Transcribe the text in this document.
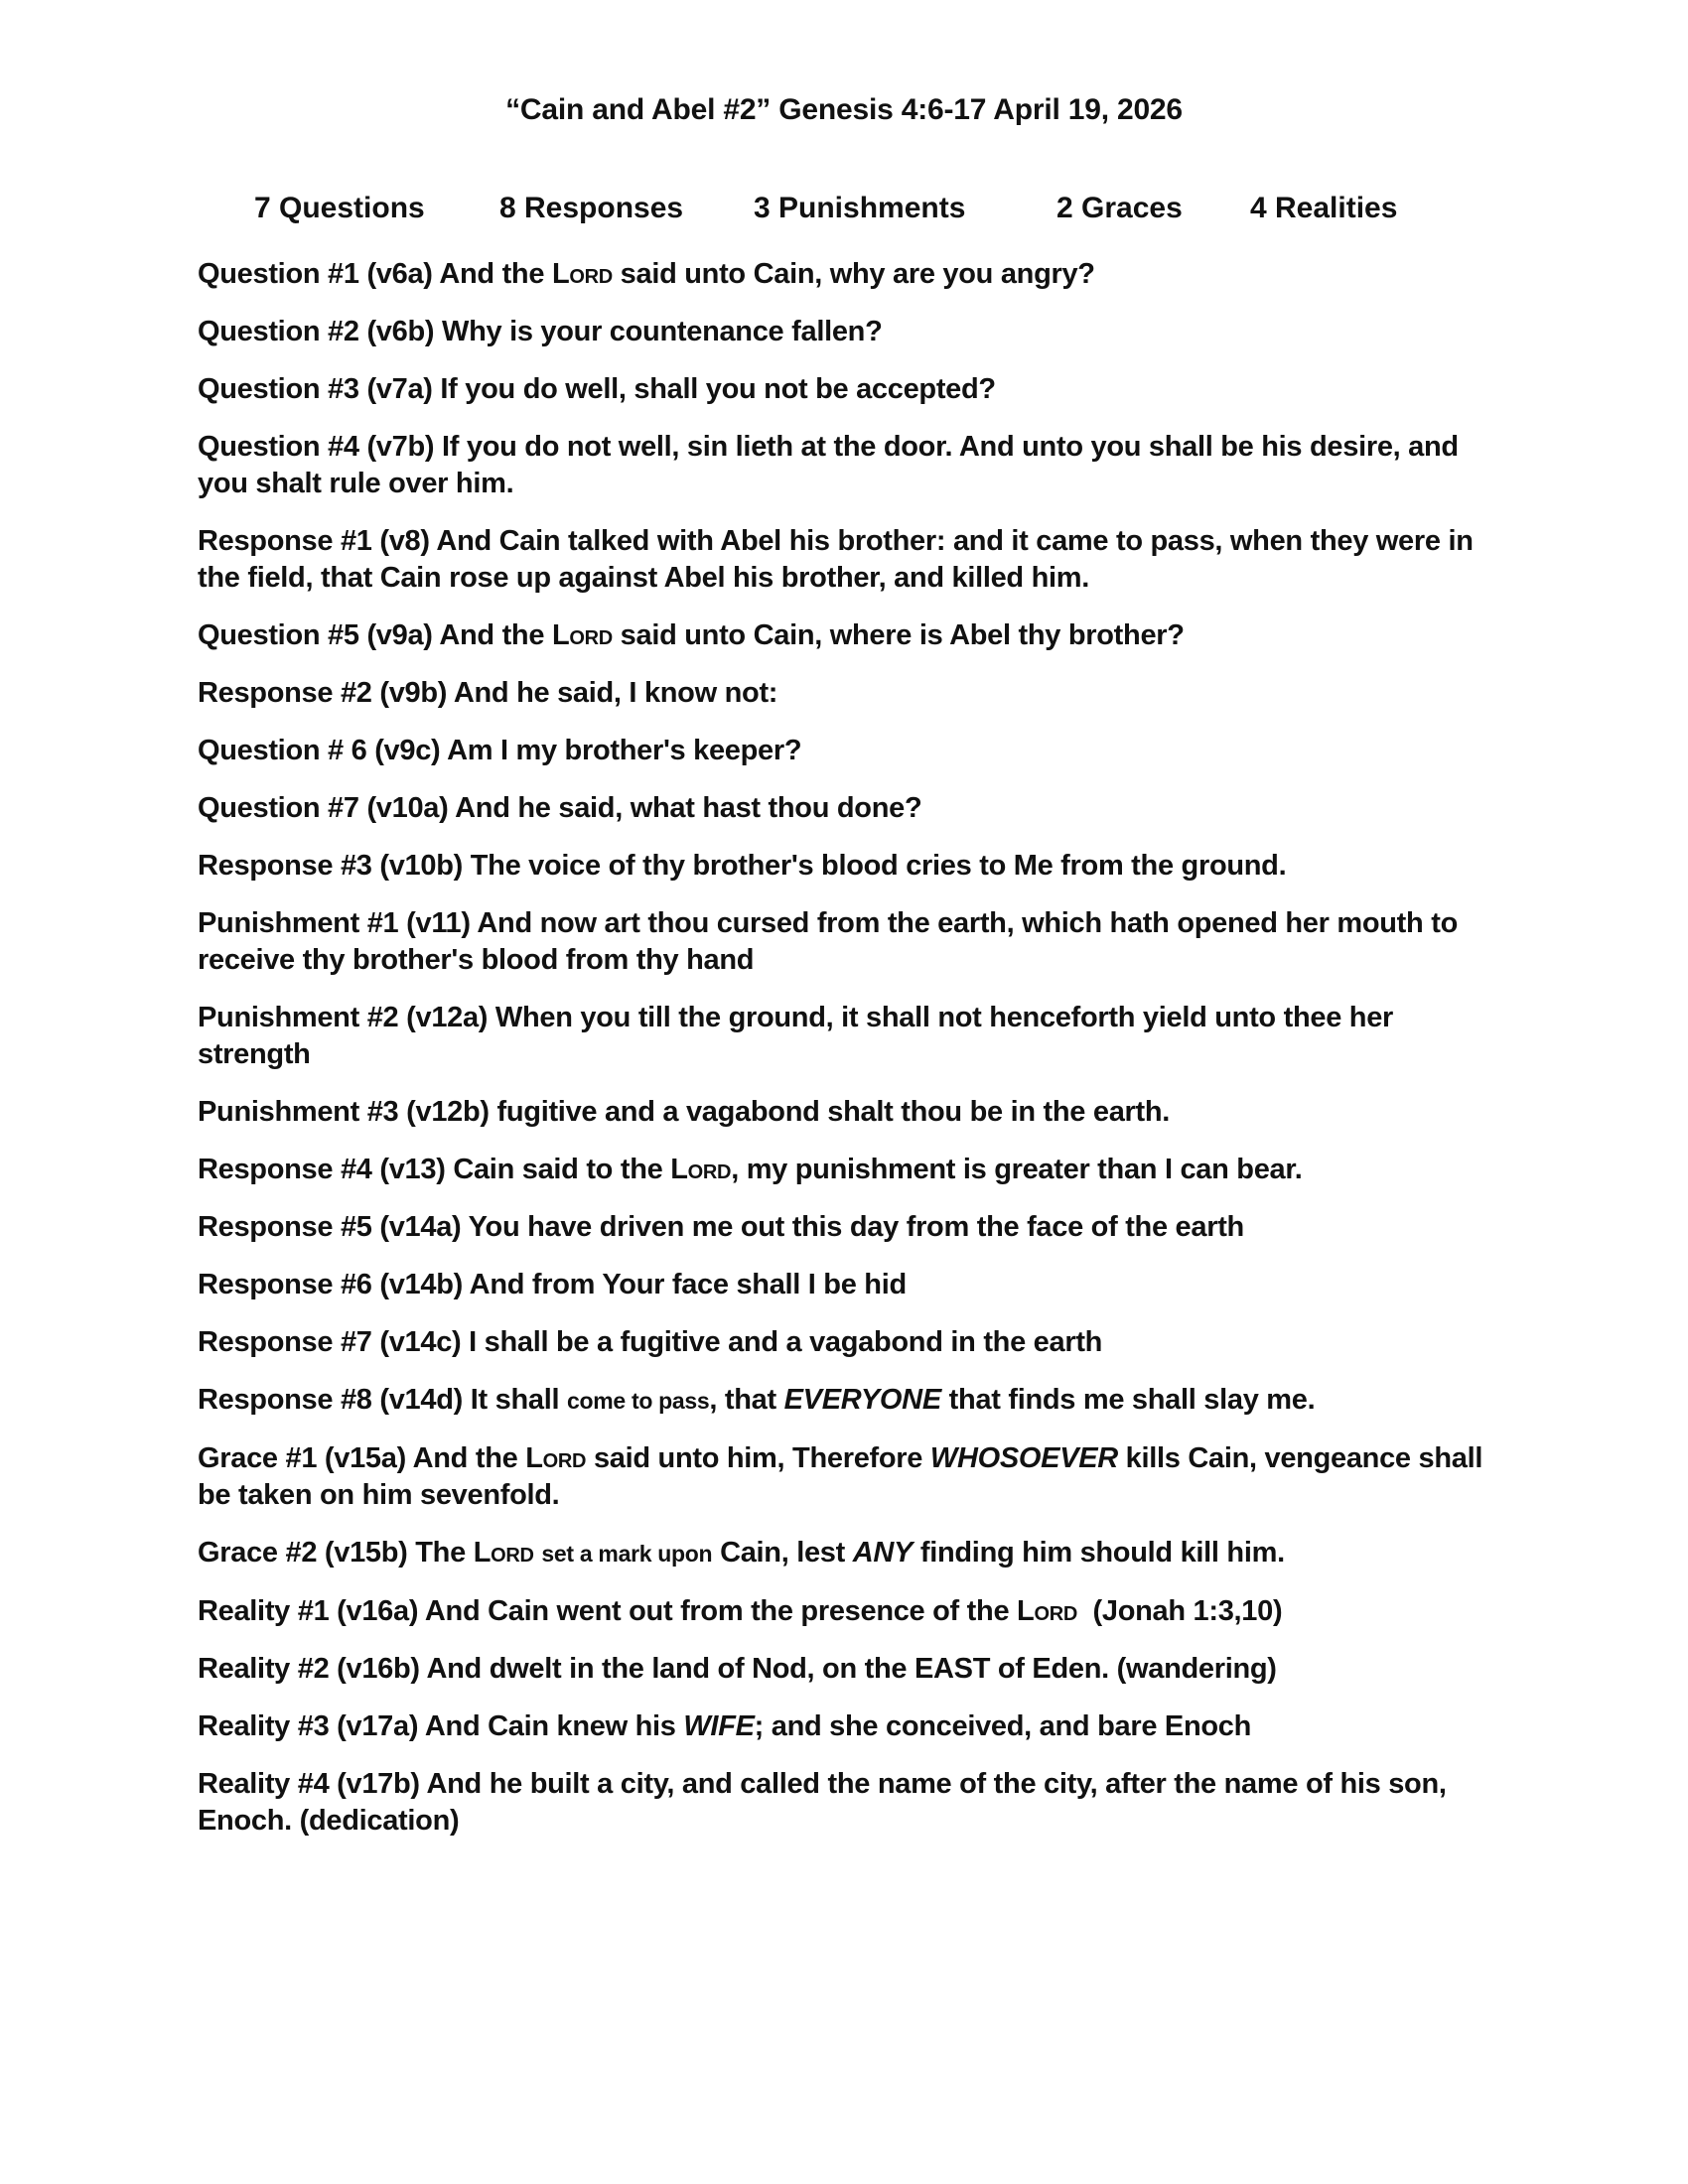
“Cain and Abel #2” Genesis 4:6-17 April 19, 2026
7 Questions	8 Responses 3 Punishments	2 Graces 4 Realities
Question #1 (v6a) And the Lord said unto Cain, why are you angry?
Question #2 (v6b) Why is your countenance fallen?
Question #3 (v7a) If you do well, shall you not be accepted?
Question #4 (v7b) If you do not well, sin lieth at the door. And unto you shall be his desire, and you shalt rule over him.
Response #1 (v8) And Cain talked with Abel his brother: and it came to pass, when they were in the field, that Cain rose up against Abel his brother, and killed him.
Question #5 (v9a) And the Lord said unto Cain, where is Abel thy brother?
Response #2 (v9b) And he said, I know not:
Question # 6 (v9c) Am I my brother's keeper?
Question #7 (v10a) And he said, what hast thou done?
Response #3 (v10b) The voice of thy brother's blood cries to Me from the ground.
Punishment #1 (v11) And now art thou cursed from the earth, which hath opened her mouth to receive thy brother's blood from thy hand
Punishment #2 (v12a) When you till the ground, it shall not henceforth yield unto thee her strength
Punishment #3 (v12b) fugitive and a vagabond shalt thou be in the earth.
Response #4 (v13) Cain said to the Lord, my punishment is greater than I can bear.
Response #5 (v14a) You have driven me out this day from the face of the earth
Response #6 (v14b) And from Your face shall I be hid
Response #7 (v14c) I shall be a fugitive and a vagabond in the earth
Response #8 (v14d) It shall come to pass, that EVERYONE that finds me shall slay me.
Grace #1 (v15a) And the Lord said unto him, Therefore WHOSOEVER kills Cain, vengeance shall be taken on him sevenfold.
Grace #2 (v15b) The Lord set a mark upon Cain, lest ANY finding him should kill him.
Reality #1 (v16a) And Cain went out from the presence of the Lord  (Jonah 1:3,10)
Reality #2 (v16b) And dwelt in the land of Nod, on the EAST of Eden. (wandering)
Reality #3 (v17a) And Cain knew his WIFE; and she conceived, and bare Enoch
Reality #4 (v17b) And he built a city, and called the name of the city, after the name of his son, Enoch. (dedication)
